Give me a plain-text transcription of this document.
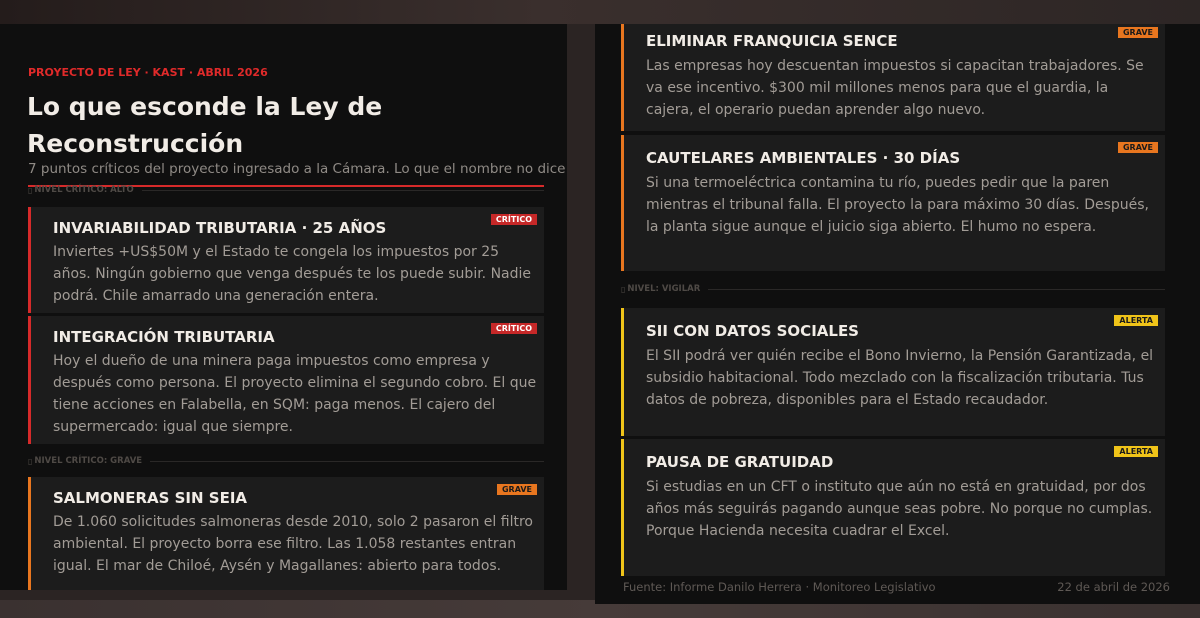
PROYECTO DE LEY · KAST · ABRIL 2026
Lo que esconde la Ley de Reconstrucción
7 puntos críticos del proyecto ingresado a la Cámara. Lo que el nombre no dice
▯ NIVEL CRÍTICO: ALTO
CRÍTICO
INVARIABILIDAD TRIBUTARIA · 25 AÑOS
Inviertes +US$50M y el Estado te congela los impuestos por 25 años. Ningún gobierno que venga después te los puede subir. Nadie podrá. Chile amarrado una generación entera.
CRÍTICO
INTEGRACIÓN TRIBUTARIA
Hoy el dueño de una minera paga impuestos como empresa y después como persona. El proyecto elimina el segundo cobro. El que tiene acciones en Falabella, en SQM: paga menos. El cajero del supermercado: igual que siempre.
▯ NIVEL CRÍTICO: GRAVE
GRAVE
SALMONERAS SIN SEIA
De 1.060 solicitudes salmoneras desde 2010, solo 2 pasaron el filtro ambiental. El proyecto borra ese filtro. Las 1.058 restantes entran igual. El mar de Chiloé, Aysén y Magallanes: abierto para todos.
GRAVE
ELIMINAR FRANQUICIA SENCE
Las empresas hoy descuentan impuestos si capacitan trabajadores. Se va ese incentivo. $300 mil millones menos para que el guardia, la cajera, el operario puedan aprender algo nuevo.
GRAVE
CAUTELARES AMBIENTALES · 30 DÍAS
Si una termoeléctrica contamina tu río, puedes pedir que la paren mientras el tribunal falla. El proyecto la para máximo 30 días. Después, la planta sigue aunque el juicio siga abierto. El humo no espera.
▯ NIVEL: VIGILAR
ALERTA
SII CON DATOS SOCIALES
El SII podrá ver quién recibe el Bono Invierno, la Pensión Garantizada, el subsidio habitacional. Todo mezclado con la fiscalización tributaria. Tus datos de pobreza, disponibles para el Estado recaudador.
ALERTA
PAUSA DE GRATUIDAD
Si estudias en un CFT o instituto que aún no está en gratuidad, por dos años más seguirás pagando aunque seas pobre. No porque no cumplas. Porque Hacienda necesita cuadrar el Excel.
Fuente: Informe Danilo Herrera · Monitoreo Legislativo	22 de abril de 2026
